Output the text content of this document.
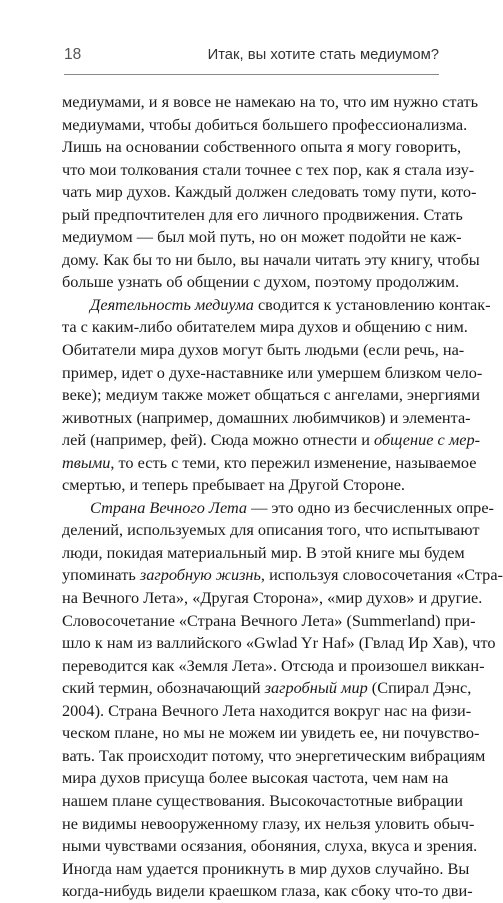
18	Итак, вы хотите стать медиумом?
медиумами, и я вовсе не намекаю на то, что им нужно стать
медиумами, чтобы добиться большего профессионализма.
Лишь на основании собственного опыта я могу говорить,
что мои толкования стали точнее с тех пор, как я стала изу-
чать мир духов. Каждый должен следовать тому пути, кото-
рый предпочтителен для его личного продвижения. Стать
медиумом — был мой путь, но он может подойти не каж-
дому. Как бы то ни было, вы начали читать эту книгу, чтобы
больше узнать об общении с духом, поэтому продолжим.
Деятельность медиума сводится к установлению контак-
та с каким-либо обитателем мира духов и общению с ним.
Обитатели мира духов могут быть людьми (если речь, на-
пример, идет о духе-наставнике или умершем близком чело-
веке); медиум также может общаться с ангелами, энергиями
животных (например, домашних любимчиков) и элемента-
лей (например, фей). Сюда можно отнести и общение с мер-
твыми, то есть с теми, кто пережил изменение, называемое
смертью, и теперь пребывает на Другой Стороне.
Страна Вечного Лета — это одно из бесчисленных опре-
делений, используемых для описания того, что испытывают
люди, покидая материальный мир. В этой книге мы будем
упоминать загробную жизнь, используя словосочетания «Стра-
на Вечного Лета», «Другая Сторона», «мир духов» и другие.
Словосочетание «Страна Вечного Лета» (Summerland) при-
шло к нам из валлийского «Gwlad Yr Haf» (Гвлад Ир Хав), что
переводится как «Земля Лета». Отсюда и произошел виккан-
ский термин, обозначающий загробный мир (Спирал Дэнс,
2004). Страна Вечного Лета находится вокруг нас на физи-
ческом плане, но мы не можем ии увидеть ее, ни почувство-
вать. Так происходит потому, что энергетическим вибрациям
мира духов присуща более высокая частота, чем нам на
нашем плане существования. Высокочастотные вибрации
не видимы невооруженному глазу, их нельзя уловить обыч-
ными чувствами осязания, обоняния, слуха, вкуса и зрения.
Иногда нам удается проникнуть в мир духов случайно. Вы
когда-нибудь видели краешком глаза, как сбоку что-то дви-
